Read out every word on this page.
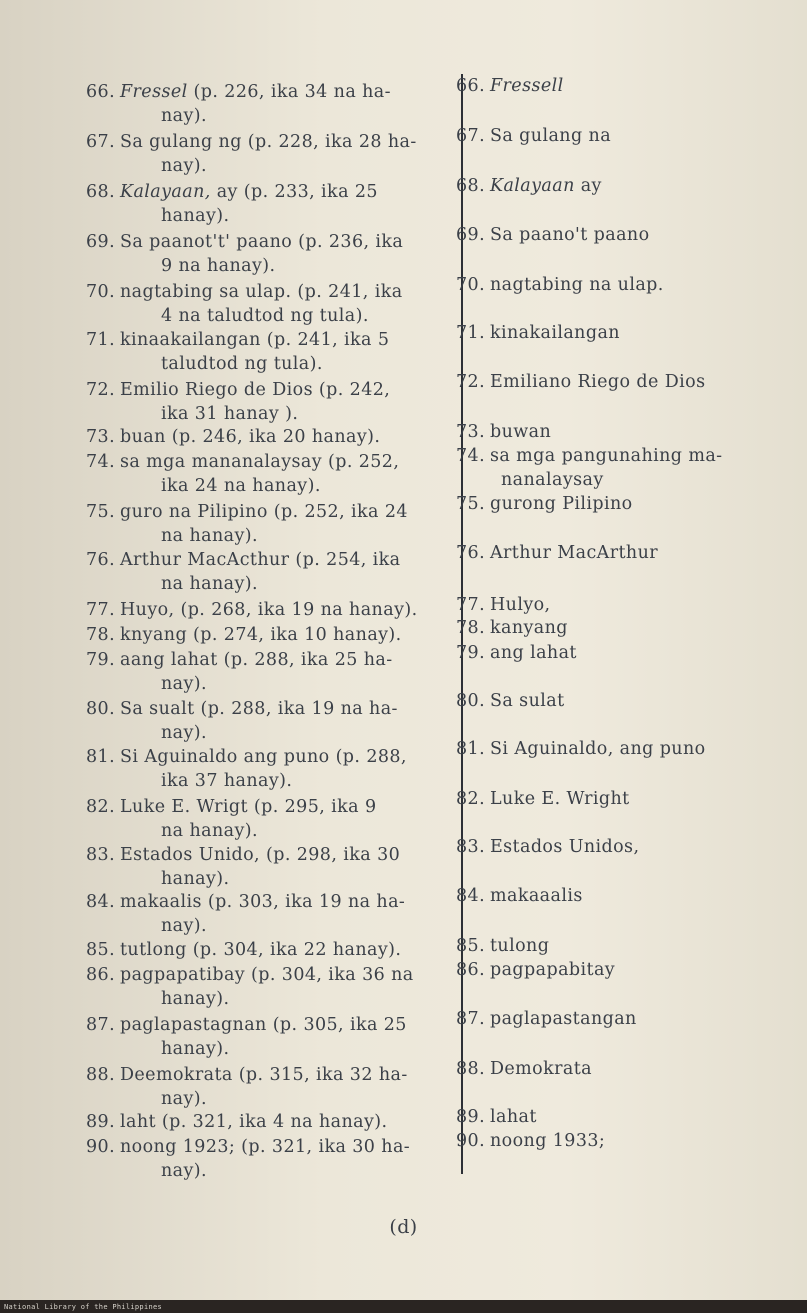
66.Fressel (p. 226, ika 34 na ha-
nay).
67.Sa gulang ng (p. 228, ika 28 ha-
nay).
68.Kalayaan, ay (p. 233, ika 25
hanay).
69.Sa paanot't' paano (p. 236, ika
9 na hanay).
70.nagtabing sa ulap. (p. 241, ika
4 na taludtod ng tula).
71.kinaakailangan (p. 241, ika 5
taludtod ng tula).
72.Emilio Riego de Dios (p. 242,
ika 31 hanay ).
73.buan (p. 246, ika 20 hanay).
74.sa mga mananalaysay (p. 252,
ika 24 na hanay).
75.guro na Pilipino (p. 252, ika 24
na hanay).
76.Arthur MacActhur (p. 254, ika
na hanay).
77.Huyo, (p. 268, ika 19 na hanay).
78.knyang (p. 274, ika 10 hanay).
79.aang lahat (p. 288, ika 25 ha-
nay).
80.Sa sualt (p. 288, ika 19 na ha-
nay).
81.Si Aguinaldo ang puno (p. 288,
ika 37 hanay).
82.Luke E. Wrigt (p. 295, ika 9
na hanay).
83.Estados Unido, (p. 298, ika 30
hanay).
84.makaalis (p. 303, ika 19 na ha-
nay).
85.tutlong (p. 304, ika 22 hanay).
86.pagpapatibay (p. 304, ika 36 na
hanay).
87.paglapastagnan (p. 305, ika 25
hanay).
88.Deemokrata (p. 315, ika 32 ha-
nay).
89.laht (p. 321, ika 4 na hanay).
90.noong 1923; (p. 321, ika 30 ha-
nay).
66.Fressell
67.Sa gulang na
68.Kalayaan ay
69.Sa paano't paano
70.nagtabing na ulap.
71.kinakailangan
72.Emiliano Riego de Dios
73.buwan
74.sa mga pangunahing ma-
nanalaysay
75.gurong Pilipino
76.Arthur MacArthur
77.Hulyo,
78.kanyang
79.ang lahat
80.Sa sulat
81.Si Aguinaldo, ang puno
82.Luke E. Wright
83.Estados Unidos,
84.makaaalis
85.tulong
86.pagpapabitay
87.paglapastangan
88.Demokrata
89.lahat
90.noong 1933;
(d)
National Library of the Philippines
